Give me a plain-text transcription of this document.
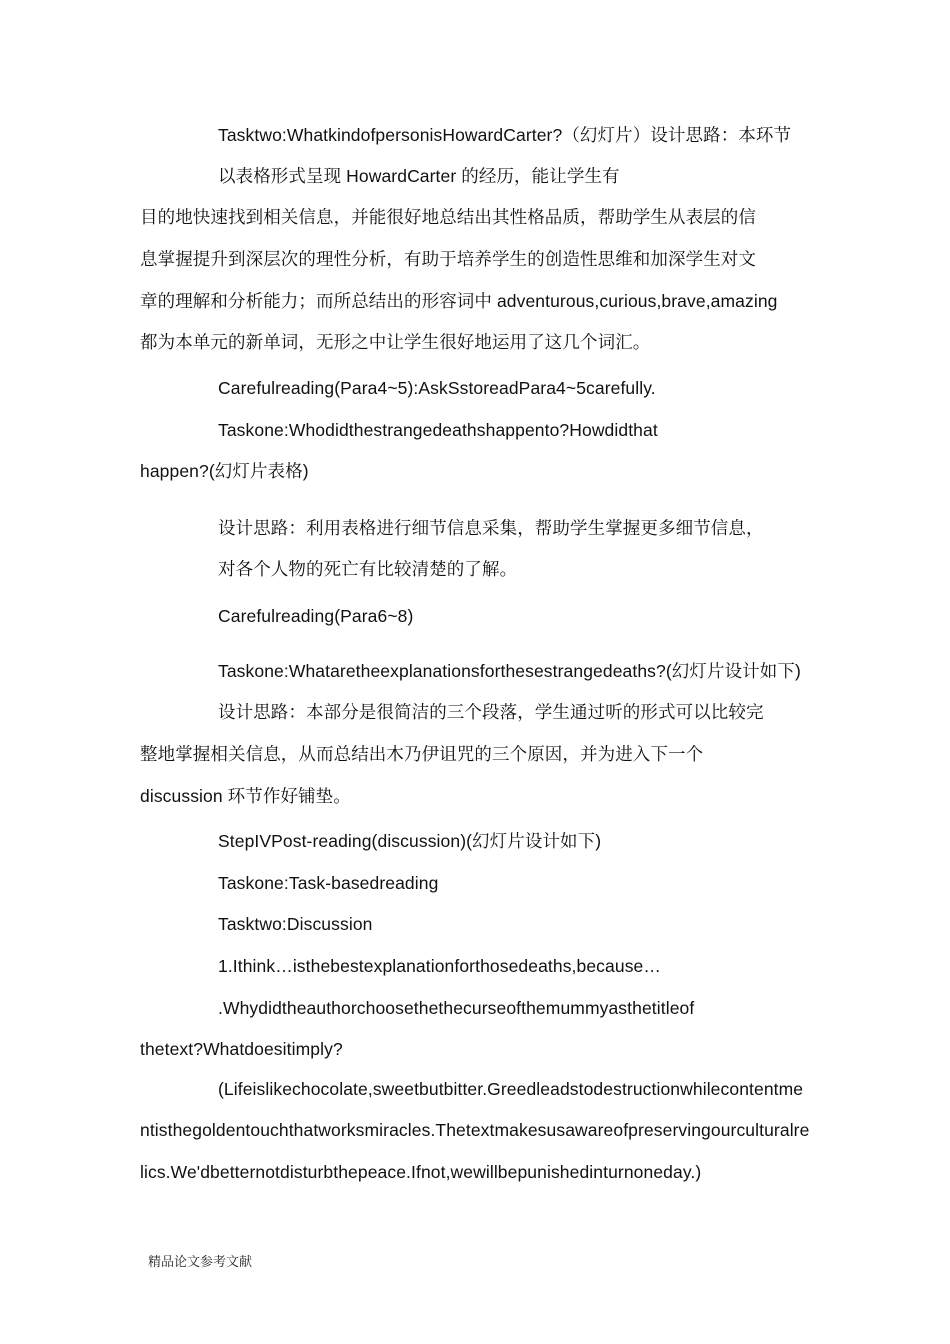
Tasktwo:WhatkindofpersonisHowardCarter?（幻灯片）设计思路：本环节
以表格形式呈现 HowardCarter 的经历，能让学生有
目的地快速找到相关信息，并能很好地总结出其性格品质，帮助学生从表层的信
息掌握提升到深层次的理性分析，有助于培养学生的创造性思维和加深学生对文
章的理解和分析能力；而所总结出的形容词中 adventurous,curious,brave,amazing
都为本单元的新单词，无形之中让学生很好地运用了这几个词汇。
Carefulreading(Para4~5):AskSstoreadPara4~5carefully.
Taskone:Whodidthestrangedeathshappento?Howdidthat
happen?(幻灯片表格)
设计思路：利用表格进行细节信息采集，帮助学生掌握更多细节信息，
对各个人物的死亡有比较清楚的了解。
Carefulreading(Para6~8)
Taskone:Whataretheexplanationsforthesestrangedeaths?(幻灯片设计如下)
设计思路：本部分是很简洁的三个段落，学生通过听的形式可以比较完
整地掌握相关信息，从而总结出木乃伊诅咒的三个原因，并为进入下一个
discussion 环节作好铺垫。
StepIVPost-reading(discussion)(幻灯片设计如下)
Taskone:Task-basedreading
Tasktwo:Discussion
1.Ithink…isthebestexplanationforthosedeaths,because…
.Whydidtheauthorchoosethethecurseofthemummyasthetitleof
thetext?Whatdoesitimply?
(Lifeislikechocolate,sweetbutbitter.Greedleadstodestructionwhilecontentme
ntisthegoldentouchthatworksmiracles.Thetextmakesusawareofpreservingourculturalre
lics.We'dbetternotdisturbthepeace.Ifnot,wewillbepunishedinturnoneday.)
精品论文参考文献
